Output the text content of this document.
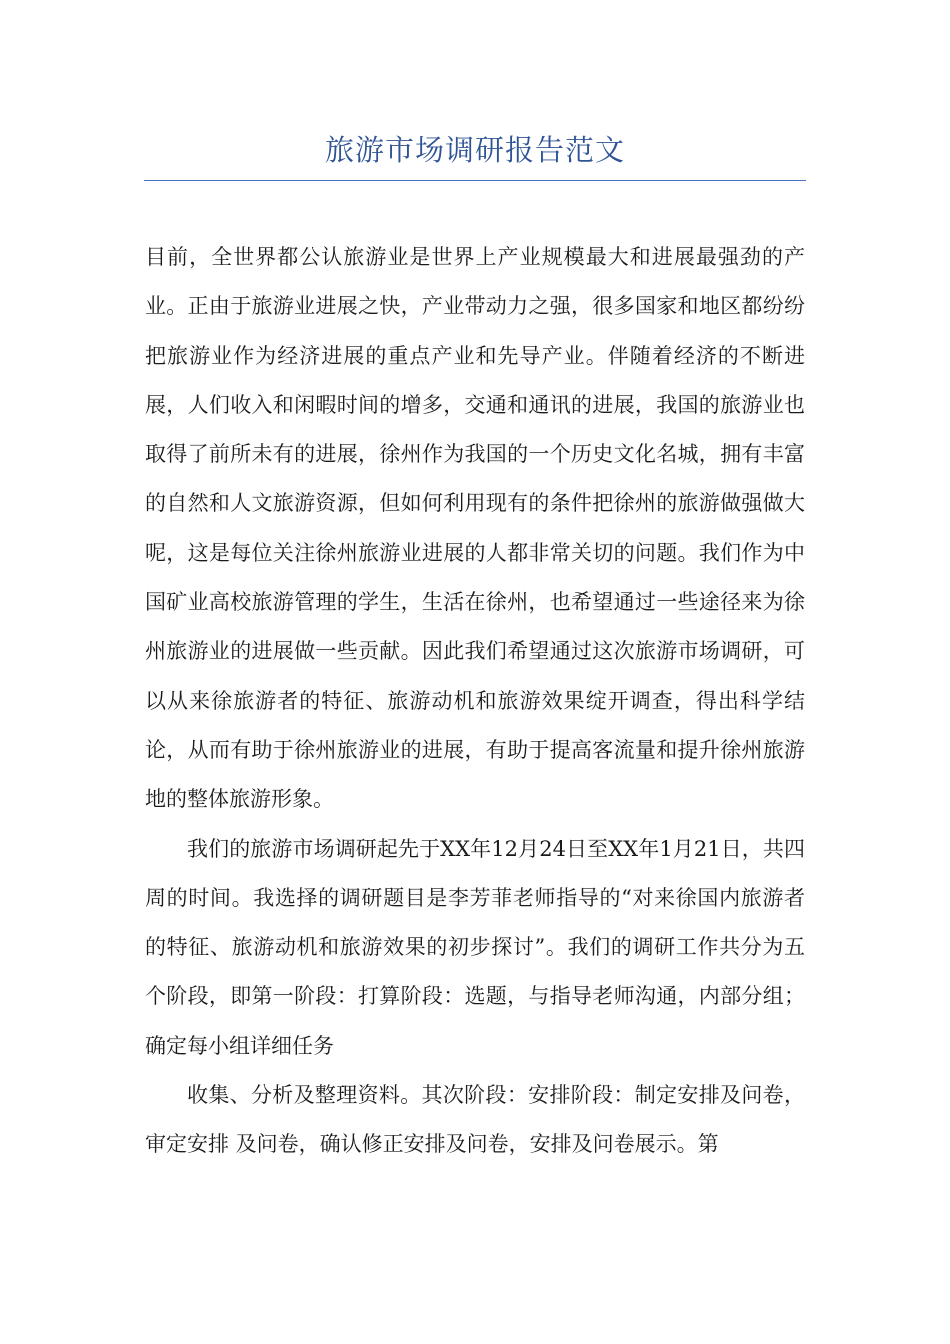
旅游市场调研报告范文

目前，全世界都公认旅游业是世界上产业规模最大和进展最强劲的产业。正由于旅游业进展之快，产业带动力之强，很多国家和地区都纷纷把旅游业作为经济进展的重点产业和先导产业。伴随着经济的不断进展，人们收入和闲暇时间的增多，交通和通讯的进展，我国的旅游业也取得了前所未有的进展，徐州作为我国的一个历史文化名城，拥有丰富的自然和人文旅游资源，但如何利用现有的条件把徐州的旅游做强做大呢，这是每位关注徐州旅游业进展的人都非常关切的问题。我们作为中国矿业高校旅游管理的学生，生活在徐州，也希望通过一些途径来为徐州旅游业的进展做一些贡献。因此我们希望通过这次旅游市场调研，可以从来徐旅游者的特征、旅游动机和旅游效果绽开调查，得出科学结论，从而有助于徐州旅游业的进展，有助于提高客流量和提升徐州旅游地的整体旅游形象。

我们的旅游市场调研起先于XX年12月24日至XX年1月21日，共四周的时间。我选择的调研题目是李芳菲老师指导的“对来徐国内旅游者的特征、旅游动机和旅游效果的初步探讨”。我们的调研工作共分为五个阶段，即第一阶段：打算阶段：选题，与指导老师沟通，内部分组；确定每小组详细任务

收集、分析及整理资料。其次阶段：安排阶段：制定安排及问卷，审定安排 及问卷，确认修正安排及问卷，安排及问卷展示。第
